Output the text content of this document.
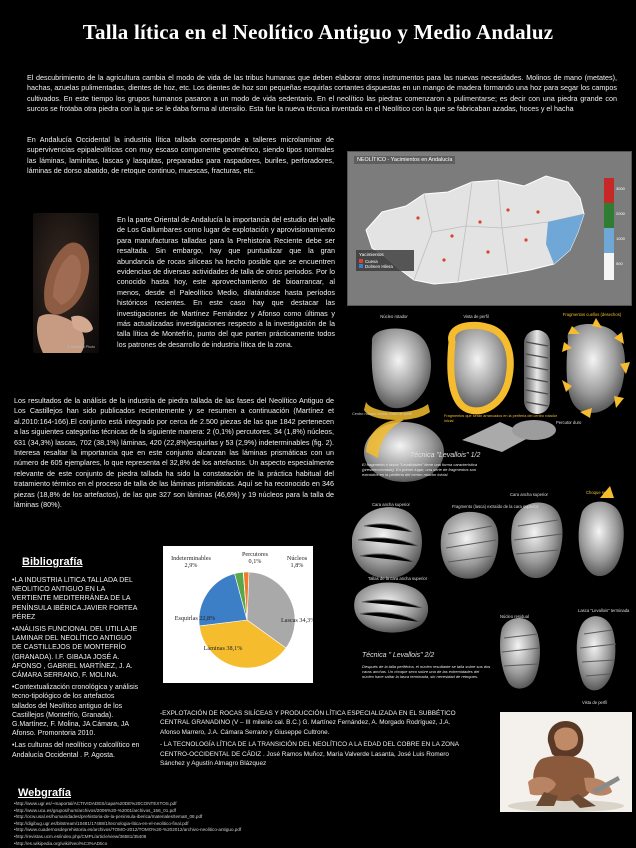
Talla lítica en el Neolítico Antiguo y Medio Andaluz
El descubrimiento de la agricultura cambia el modo de vida de las tribus humanas que deben elaborar otros instrumentos para las nuevas necesidades. Molinos de mano (metates), hachas, azuelas pulimentadas, dientes de hoz, etc. Los dientes de hoz son pequeñas esquirlas cortantes dispuestas en un mango de madera formando una hoz para segar los campos cultivados. En este tiempo los grupos humanos pasaron a un modo de vida sedentario. En el neolítico las piedras comenzaron a pulimentarse; es decir con una piedra grande con surcos se frotaba otra piedra con la que se le daba forma al utensilio. Esta fue la nueva técnica inventada en el Neolítico con la que se fabricaban azadas, hoces y el hacha
En Andalucía Occidental la industria lítica tallada corresponde a talleres microlaminar de supervivencias epipaleolíticas con muy escaso componente geométrico, siendo tipos normales las láminas, laminitas, lascas y lasquitas, preparadas para raspadores, buriles, perforadores, láminas de dorso abatido, de retoque continuo, muescas, fracturas, etc.
© Aranzadi Photo
En la parte Oriental de Andalucía la importancia del estudio del valle de Los Gallumbares como lugar de explotación y aprovisionamiento para manufacturas talladas para la Prehistoria Reciente debe ser resaltada. Sin embargo, hay que puntualizar que la gran abundancia de rocas silíceas ha hecho posible que se encuentren evidencias de diversas actividades de talla de otros periodos. Por lo conocido hasta hoy, este aprovechamiento de bioarrancar, al menos, desde el Paleolítico Medio, dilatándose hasta períodos históricos recientes. En este caso hay que destacar las investigaciones de Martínez Fernández y Afonso como últimas y más actualizadas investigaciones respecto a la investigación de la talla lítica de Montefrío, punto del que parten prácticamente todos los patrones de desarrollo de industria lítica de la zona.
Los resultados de la análisis de la industria de piedra tallada de las fases del Neolítico Antiguo de Los Castillejos han sido publicados recientemente y se resumen a continuación (Martínez et al.2010:164-166).El conjunto está integrado por cerca de 2.500 piezas de las que 1842 pertenecen a las siguientes categorías técnicas de la siguiente manera: 2 (0,1%) percutores, 34 (1,8%) núcleos, 631 (34,3%) lascas, 702 (38,1%) láminas, 420 (22,8%)esquirlas y 53 (2,9%) indeterminables (fig. 2). Interesa resaltar la importancia que en este conjunto alcanzan las láminas prismáticas con un número de 605 ejemplares, lo que representa el 32,8% de los artefactos. Un aspecto especialmente relevante de este conjunto de piedra tallada ha sido la constatación de la práctica habitual del tratamiento térmico en el proceso de talla de las láminas prismáticas. Aquí se ha reconocido en 346 piezas (18,8% de los artefactos), de las que 327 son láminas (46,6%) y 19 núcleos para la talla de láminas (80%).
NEOLÍTICO - Yacimientos en Andalucía
Yacimientos
Cueva
Dolmen Hilera
3000
2000
1000
500
Núcleo rotador	Vista de perfil	Fragmentos cuellos (desechos)
Percutor duro
Choque seco
Cara ancha superior	Fragmento (lasca) extraído de la cara superior
Cara ancha superior
Tallas de la cara ancha superior
Núcleo residual
Lasca "Levallois" terminada
Vista de perfil
Centro rotador inicial, Vista de perfil	Fragmentos que serán arrancados en la periferia del centro rotador inicial
Técnica "Levallois" 1/2
El fragmento o lasca "Levalloisien" tiene una forma característica (preseleccionada). En primer lugar, una serie de fragmentos son extraídos en la periferia del centro rotador inicial.
Técnica " Levallois" 2/2
Después de la talla periférica, el núcleo resultante se talla sobre sus dos caras anchas. Un choque seco sobre una de las extremidades del núcleo hace saltar la lasca terminada, sin necesidad de retoques.
Bibliografía
•LA INDUSTRIA LITICA TALLADA DEL NEOLITICO ANTIGUO EN LA VERTIENTE MEDITERRÁNEA DE LA PENÍNSULA IBÉRICA.JAVIER FORTEA PÉREZ
•ANÁLISIS FUNCIONAL DEL UTILLAJE LAMINAR DEL NEOLÍTICO ANTIGUO DE CASTILLEJOS DE MONTEFRÍO (GRANADA). I.F. GIBAJA JOSÉ A. AFONSO , GABRIEL MARTÍNEZ, J. A. CÁMARA SERRANO, F. MOLINA.
•Contextualización cronológica y análisis tecno-tipológico de los artefactos tallados del Neolítico antiguo de los Castillejos (Montefrío, Granada). G.Martínez, F. Molina, JA Cámara, JA Afonso. Promontoria 2010.
•Las culturas del neolítico y calcolítico en Andalucía Occidental . P. Agosta.
Lascas 34,3%
Láminas 38,1%
Esquirlas 22,8%
Indeterminables 2,9%
Percutores 0,1%	Núcleos 1,8%
-EXPLOTACIÓN DE ROCAS SILÍCEAS Y PRODUCCIÓN LÍTICA ESPECIALIZADA EN EL SUBBÉTICO CENTRAL GRANADINO (V – III milenio cal. B.C.) G. Martínez Fernández, A. Morgado Rodríguez, J.A. Afonso Marrero, J.A. Cámara Serrano y Giuseppe Cultrone.
- LA TECNOLOGÍA LÍTICA DE LA TRANSICIÓN DEL NEOLÍTICO A LA EDAD DEL COBRE EN LA ZONA CENTRO-OCCIDENTAL DE CÁDIZ . José Ramos Muñoz, María Valverde Lasanta, José Luis Romero Sánchez y Agustín Almagro Blázquez
Webgrafía
•http://www.ugr.es/~maportal/ACTIVIDADES/capa%20DE%20CONTEXTOS.pdf
•http://www.uca.es/grupos/hum/archivos/2006%20-%2001/archivos_156_01.pdf
•http://ocw.usal.es/humanidades/prehistoria-de-la-peninsula-iberica/materiales/tema8_08.pdf
•http://digibug.ugr.es/bitstream/10481/17488/1/tecnologia-litica-en-el-neolitico-final.pdf
•http://www.cuadernosdeprehistoria.es/archivos/TOMO-2012/TOMO%20-%202012/archivo-neolitico-antiguo.pdf
•http://revistas.ucm.es/index.php/CMPL/article/view/36581/35406
•http://es.wikipedia.org/wiki/Neol%C3%ADtico
